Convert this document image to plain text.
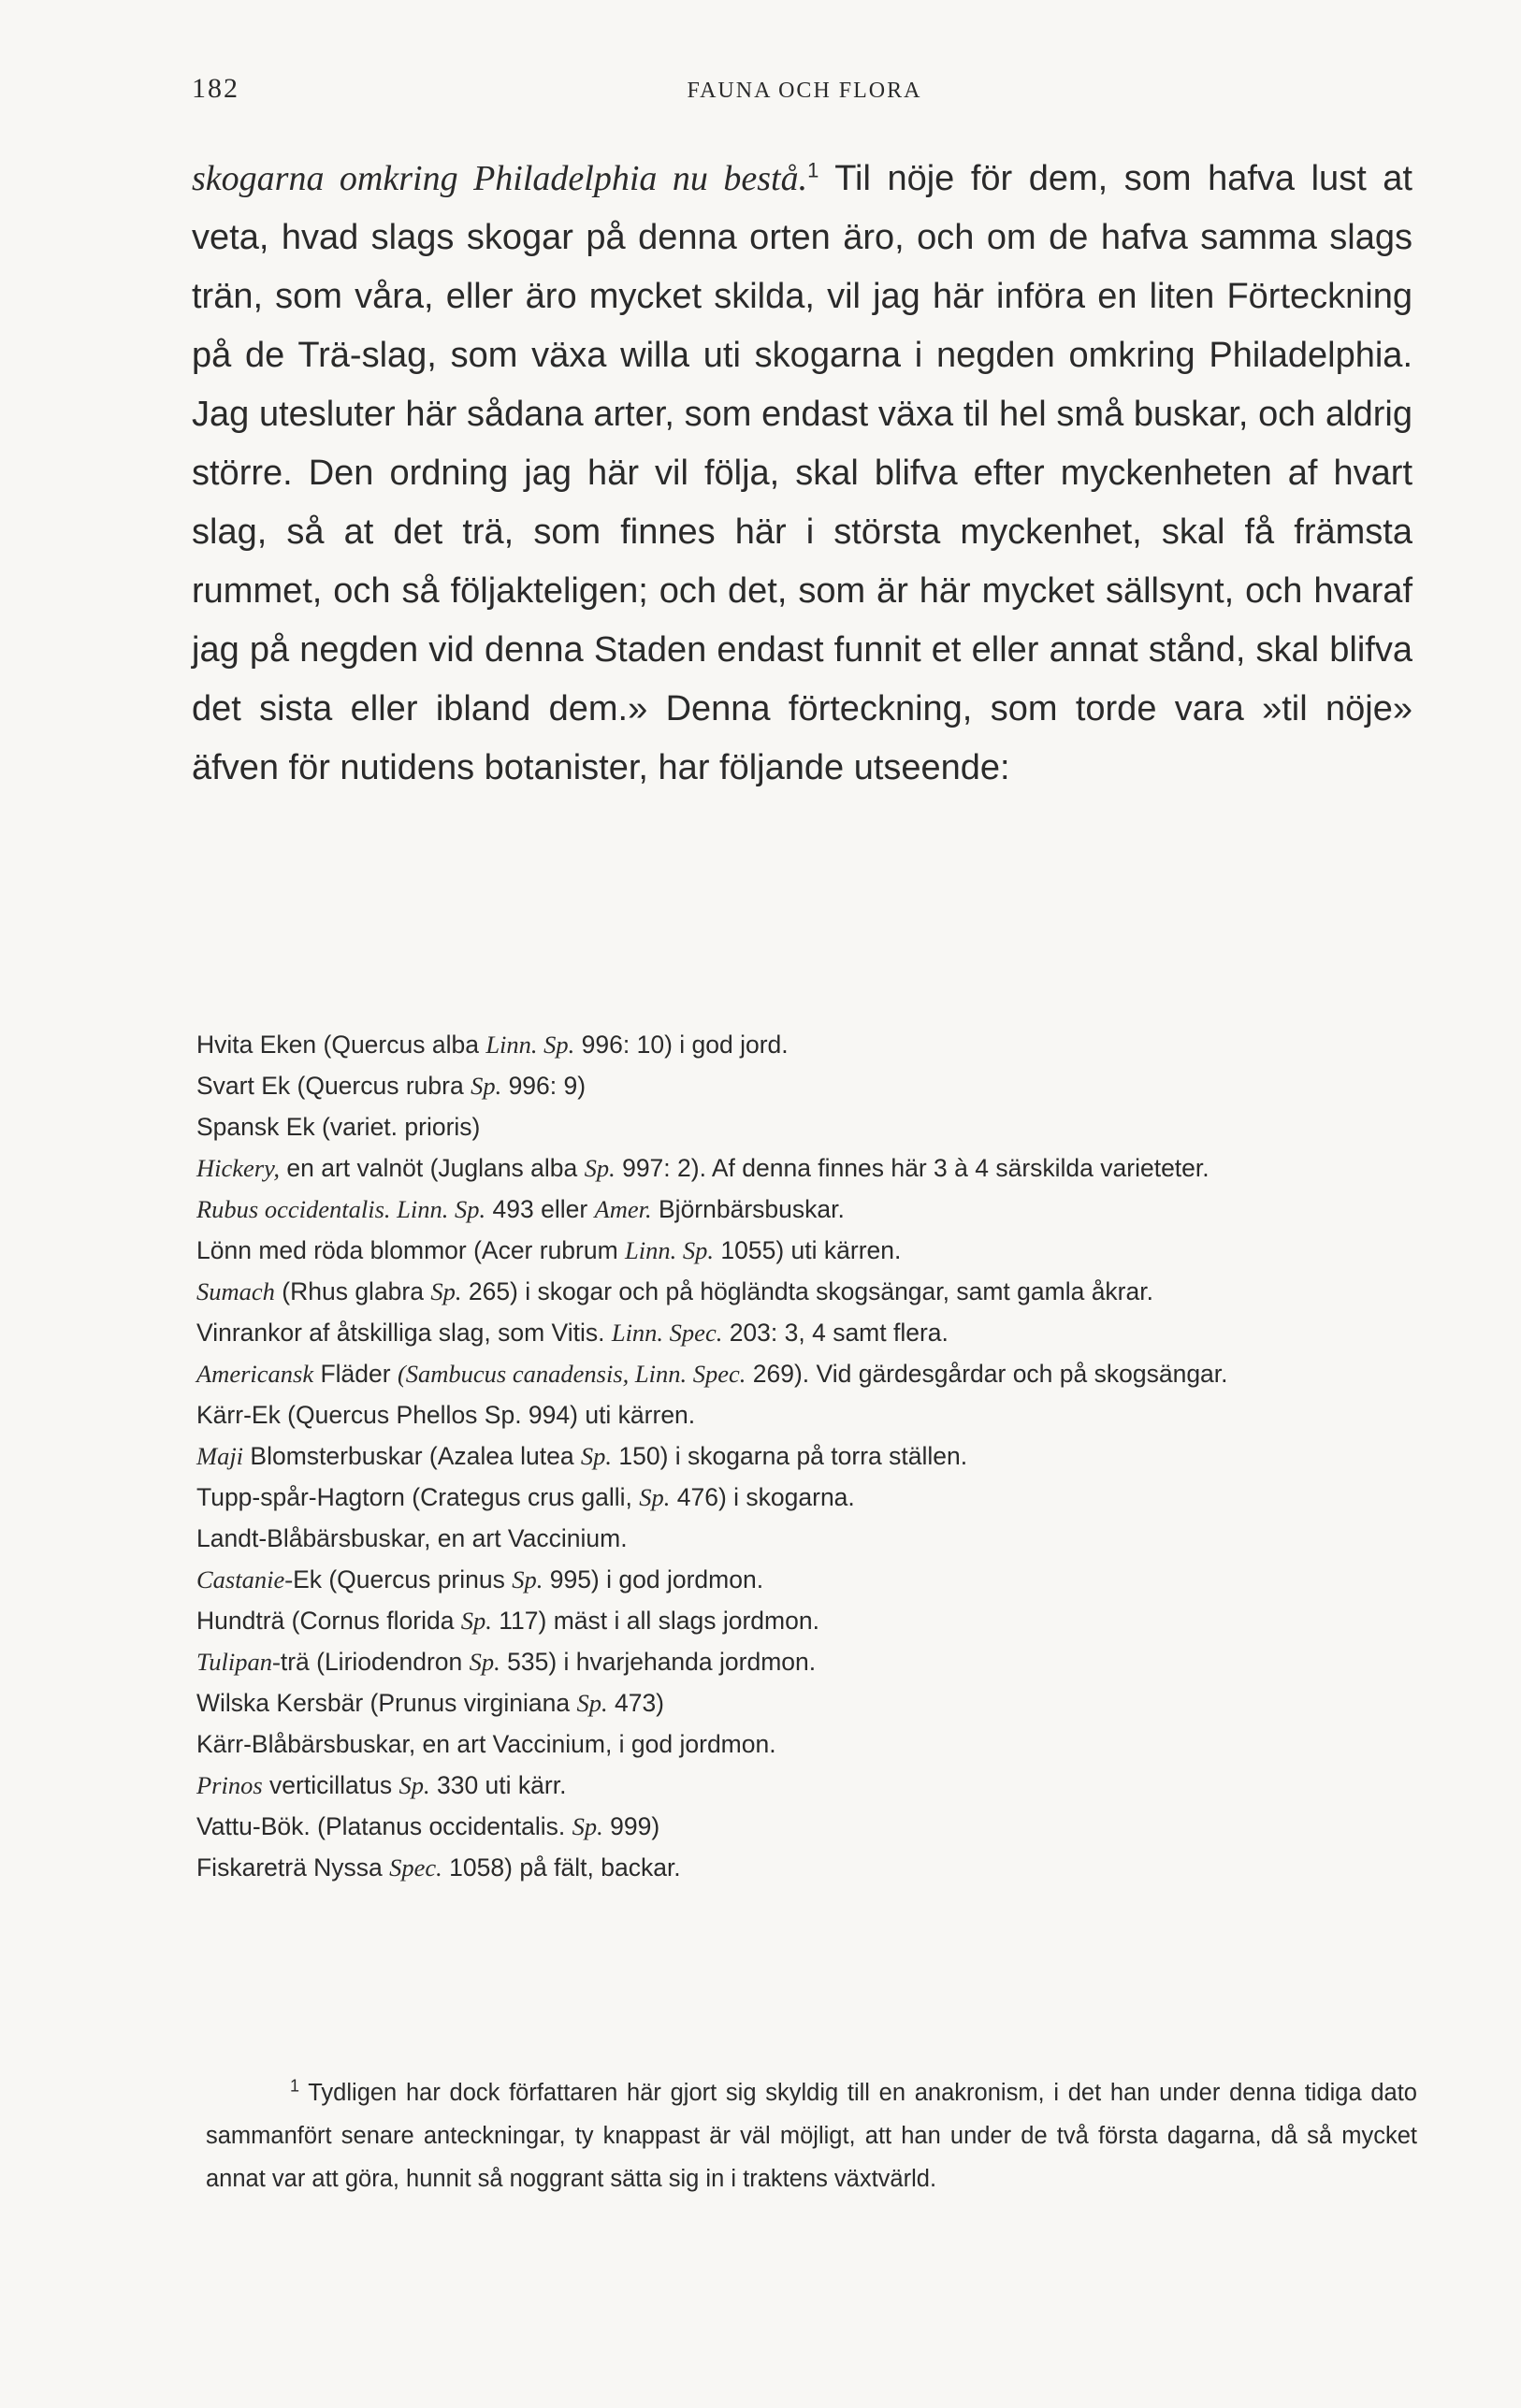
182	FAUNA OCH FLORA

skogarna omkring Philadelphia nu bestå.$^1$ Til nöje för dem, som hafva lust at veta, hvad slags skogar på denna orten äro, och om de hafva samma slags trän, som våra, eller äro mycket skilda, vil jag här införa en liten Förteckning på de Trä-slag, som växa willa uti skogarna i negden omkring Philadelphia. Jag utesluter här sådana arter, som endast växa til hel små buskar, och aldrig större. Den ordning jag här vil följa, skal blifva efter myckenheten af hvart slag, så at det trä, som finnes här i största myckenhet, skal få främsta rummet, och så följakteligen; och det, som är här mycket sällsynt, och hvaraf jag på negden vid denna Staden endast funnit et eller annat stånd, skal blifva det sista eller ibland dem.» Denna förteckning, som torde vara »til nöje» äfven för nutidens botanister, har följande utseende:

Hvita Eken (Quercus alba Linn. Sp. 996: 10) i god jord.
Svart Ek (Quercus rubra Sp. 996: 9)
Spansk Ek (variet. prioris)
Hickery, en art valnöt (Juglans alba Sp. 997: 2). Af denna finnes här 3 à 4 särskilda varieteter.
Rubus occidentalis. Linn. Sp. 493 eller Amer. Björnbärsbuskar.
Lönn med röda blommor (Acer rubrum Linn. Sp. 1055) uti kärren.
Sumach (Rhus glabra Sp. 265) i skogar och på högländta skogsängar, samt gamla åkrar.
Vinrankor af åtskilliga slag, som Vitis. Linn. Spec. 203: 3, 4 samt flera.
Americansk Fläder (Sambucus canadensis, Linn. Spec. 269). Vid gärdesgårdar och på skogsängar.
Kärr-Ek (Quercus Phellos Sp. 994) uti kärren.
Maji Blomsterbuskar (Azalea lutea Sp. 150) i skogarna på torra ställen.
Tupp-spår-Hagtorn (Crategus crus galli, Sp. 476) i skogarna.
Landt-Blåbärsbuskar, en art Vaccinium.
Castanie-Ek (Quercus prinus Sp. 995) i god jordmon.
Hundträ (Cornus florida Sp. 117) mäst i all slags jordmon.
Tulipan-trä (Liriodendron Sp. 535) i hvarjehanda jordmon.
Wilska Kersbär (Prunus virginiana Sp. 473)
Kärr-Blåbärsbuskar, en art Vaccinium, i god jordmon.
Prinos verticillatus Sp. 330 uti kärr.
Vattu-Bök. (Platanus occidentalis. Sp. 999)
Fiskareträ Nyssa Spec. 1058) på fält, backar.

$^1$ Tydligen har dock författaren här gjort sig skyldig till en anakronism, i det han under denna tidiga dato sammanfört senare anteckningar, ty knappast är väl möjligt, att han under de två första dagarna, då så mycket annat var att göra, hunnit så noggrant sätta sig in i traktens växtvärld.
